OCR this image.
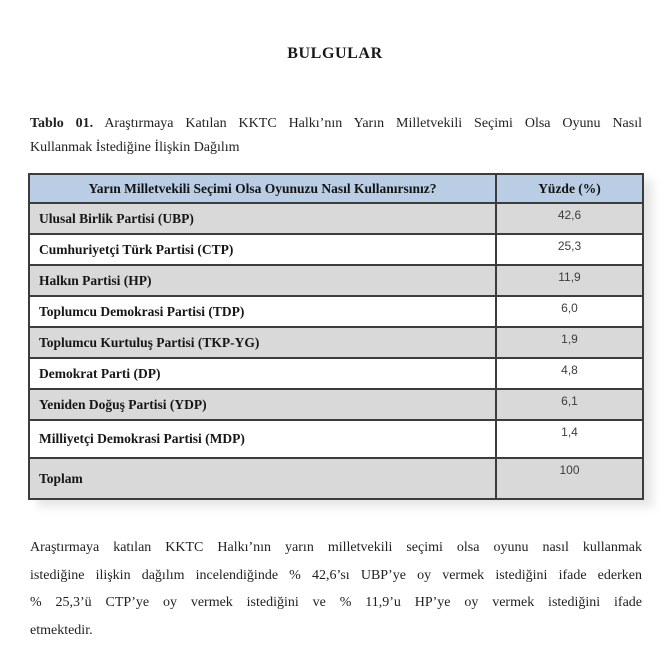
BULGULAR

Tablo 01. Araştırmaya Katılan KKTC Halkı’nın Yarın Milletvekili Seçimi Olsa Oyunu Nasıl
Kullanmak İstediğine İlişkin Dağılım

Yarın Milletvekili Seçimi Olsa Oyunuzu Nasıl Kullanırsınız?	Yüzde (%)
Ulusal Birlik Partisi (UBP)	42,6
Cumhuriyetçi Türk Partisi (CTP)	25,3
Halkın Partisi (HP)	11,9
Toplumcu Demokrasi Partisi (TDP)	6,0
Toplumcu Kurtuluş Partisi (TKP-YG)	1,9
Demokrat Parti (DP)	4,8
Yeniden Doğuş Partisi (YDP)	6,1
Milliyetçi Demokrasi Partisi (MDP)	1,4
Toplam	100

Araştırmaya katılan KKTC Halkı’nın yarın milletvekili seçimi olsa oyunu nasıl kullanmak
istediğine ilişkin dağılım incelendiğinde % 42,6’sı UBP’ye oy vermek istediğini ifade ederken
% 25,3’ü CTP’ye oy vermek istediğini ve % 11,9’u HP’ye oy vermek istediğini ifade
etmektedir.
